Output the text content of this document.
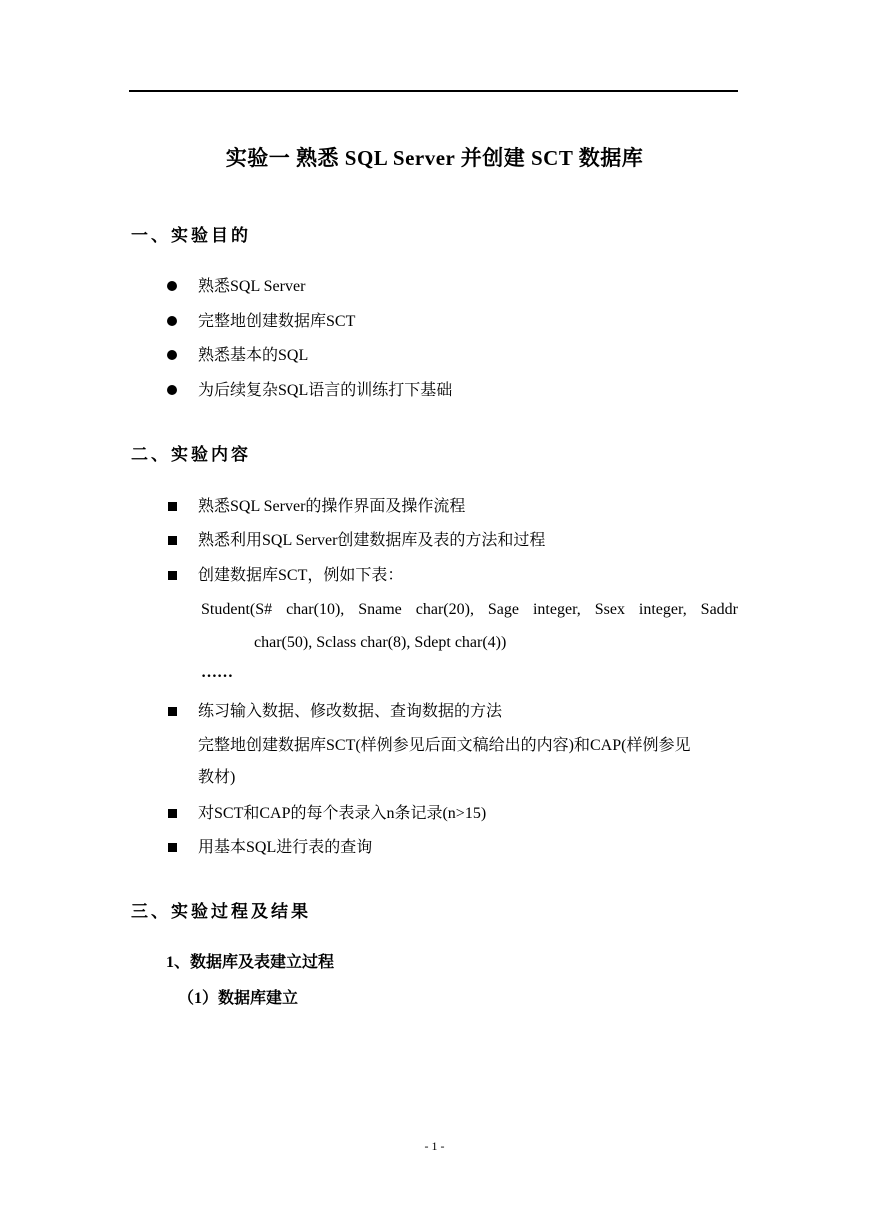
实验一 熟悉 SQL Server 并创建 SCT 数据库
一、实验目的
熟悉SQL Server
完整地创建数据库SCT
熟悉基本的SQL
为后续复杂SQL语言的训练打下基础
二、实验内容
熟悉SQL Server的操作界面及操作流程
熟悉利用SQL Server创建数据库及表的方法和过程
创建数据库SCT，例如下表：
Student(S# char(10), Sname char(20), Sage integer, Ssex integer, Saddr
char(50), Sclass char(8), Sdept char(4))
……
练习输入数据、修改数据、查询数据的方法
完整地创建数据库SCT(样例参见后面文稿给出的内容)和CAP(样例参见
教材)
对SCT和CAP的每个表录入n条记录(n>15)
用基本SQL进行表的查询
三、实验过程及结果
1、数据库及表建立过程
（1）数据库建立
- 1 -
